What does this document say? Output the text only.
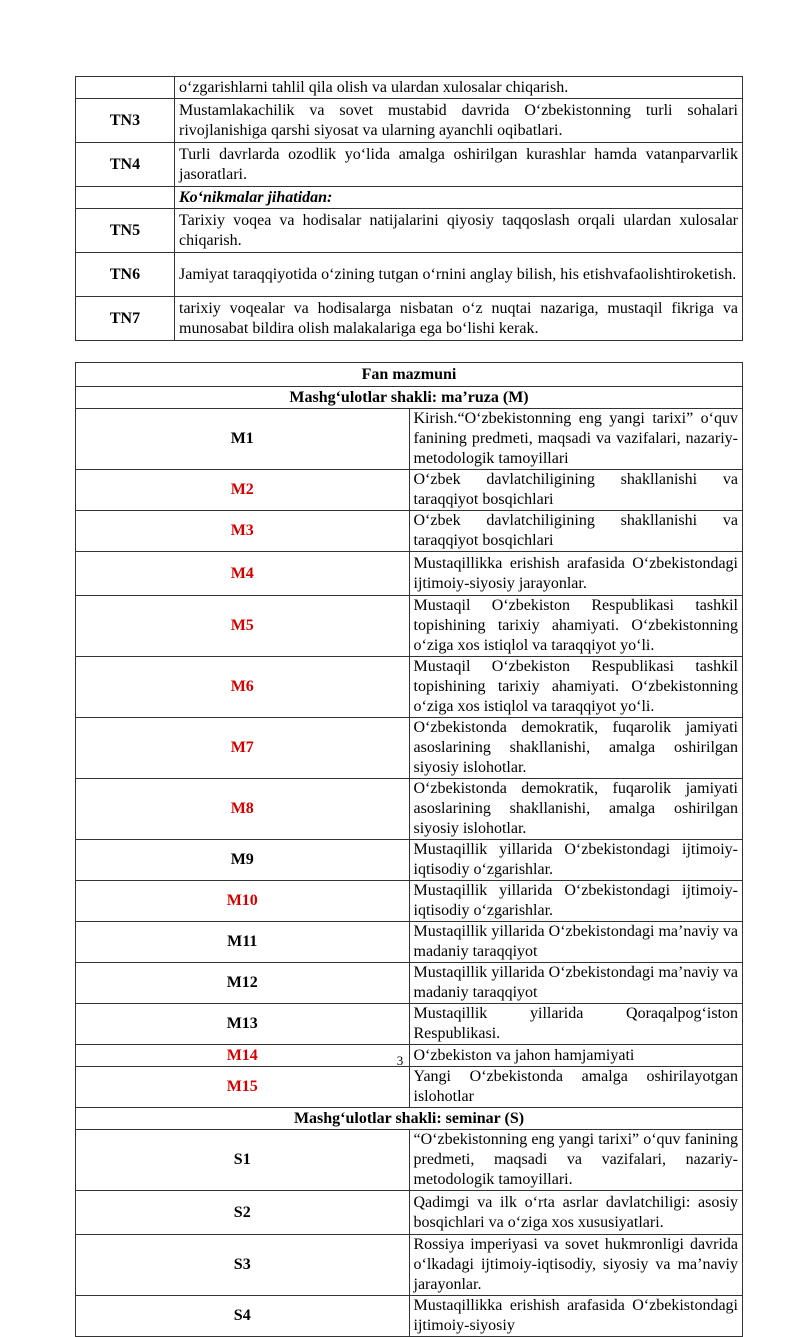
	o‘zgarishlarni tahlil qila olish va ulardan xulosalar chiqarish.
TN3	Mustamlakachilik va sovet mustabid davrida O‘zbekistonning turli sohalari rivojlanishiga qarshi siyosat va ularning ayanchli oqibatlari.
TN4	Turli davrlarda ozodlik yo‘lida amalga oshirilgan kurashlar hamda vatanparvarlik jasoratlari.
	Ko‘nikmalar jihatidan:
TN5	Tarixiy voqea va hodisalar natijalarini qiyosiy taqqoslash orqali ulardan xulosalar chiqarish.
TN6	Jamiyat taraqqiyotida o‘zining tutgan o‘rnini anglay bilish, his etishvafaolishtiroketish.
TN7	tarixiy voqealar va hodisalarga nisbatan o‘z nuqtai nazariga, mustaqil fikriga va munosabat bildira olish malakalariga ega bo‘lishi kerak.
Fan mazmuni	
Mashg‘ulotlar shakli: ma’ruza (M)	
M1	Kirish.“O‘zbekistonning eng yangi tarixi” o‘quv fanining predmeti, maqsadi va vazifalari, nazariy-metodologik tamoyillari
M2	O‘zbek davlatchiligining shakllanishi va taraqqiyot bosqichlari
M3	O‘zbek davlatchiligining shakllanishi va taraqqiyot bosqichlari
M4	Mustaqillikka erishish arafasida O‘zbekistondagi ijtimoiy-siyosiy jarayonlar.
M5	Mustaqil O‘zbekiston Respublikasi tashkil topishining tarixiy ahamiyati. O‘zbekistonning o‘ziga xos istiqlol va taraqqiyot yo‘li.
M6	Mustaqil O‘zbekiston Respublikasi tashkil topishining tarixiy ahamiyati. O‘zbekistonning o‘ziga xos istiqlol va taraqqiyot yo‘li.
M7	O‘zbekistonda demokratik, fuqarolik jamiyati asoslarining shakllanishi, amalga oshirilgan siyosiy islohotlar.
M8	O‘zbekistonda demokratik, fuqarolik jamiyati asoslarining shakllanishi, amalga oshirilgan siyosiy islohotlar.
M9	Mustaqillik yillarida O‘zbekistondagi ijtimoiy-iqtisodiy o‘zgarishlar.
M10	Mustaqillik yillarida O‘zbekistondagi ijtimoiy-iqtisodiy o‘zgarishlar.
M11	Mustaqillik yillarida O‘zbekistondagi ma’naviy va madaniy taraqqiyot
M12	Mustaqillik yillarida O‘zbekistondagi ma’naviy va madaniy taraqqiyot
M13	Mustaqillik yillarida Qoraqalpog‘iston Respublikasi.
M14	O‘zbekiston va jahon hamjamiyati
M15	Yangi O‘zbekistonda amalga oshirilayotgan islohotlar
Mashg‘ulotlar shakli: seminar (S)	
S1	“O‘zbekistonning eng yangi tarixi” o‘quv fanining predmeti, maqsadi va vazifalari, nazariy-metodologik tamoyillari.
S2	Qadimgi va ilk o‘rta asrlar davlatchiligi: asosiy bosqichlari va o‘ziga xos xususiyatlari.
S3	Rossiya imperiyasi va sovet hukmronligi davrida o‘lkadagi ijtimoiy-iqtisodiy, siyosiy va ma’naviy jarayonlar.
S4	Mustaqillikka erishish arafasida O‘zbekistondagi ijtimoiy-siyosiy
3
